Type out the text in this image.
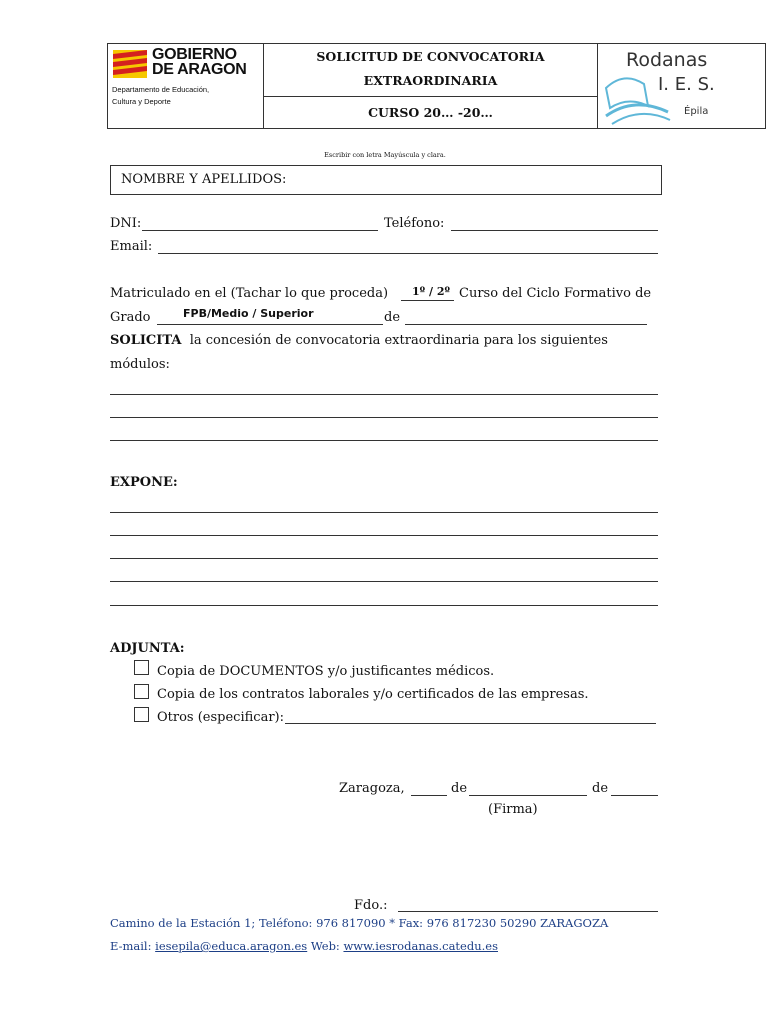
GOBIERNO
DE ARAGON
Departamento de Educación,
Cultura y Deporte
SOLICITUD DE CONVOCATORIA
EXTRAORDINARIA
CURSO 20… -20…
Rodanas
I. E. S.
Épila
Escribir con letra Mayúscula y clara.
NOMBRE Y APELLIDOS:
DNI:	Teléfono:
Email:
Matriculado en el (Tachar lo que proceda) 1º / 2º Curso del Ciclo Formativo de
Grado	FPB/Medio / Superior	de
SOLICITA la concesión de convocatoria extraordinaria para los siguientes
módulos:
EXPONE:
ADJUNTA:
Copia de DOCUMENTOS y/o justificantes médicos.
Copia de los contratos laborales y/o certificados de las empresas.
Otros (especificar):
Zaragoza,	de	de
(Firma)
Fdo.:
Camino de la Estación 1; Teléfono: 976 817090 * Fax: 976 817230 50290 ZARAGOZA
E-mail: iesepila@educa.aragon.es Web: www.iesrodanas.catedu.es
